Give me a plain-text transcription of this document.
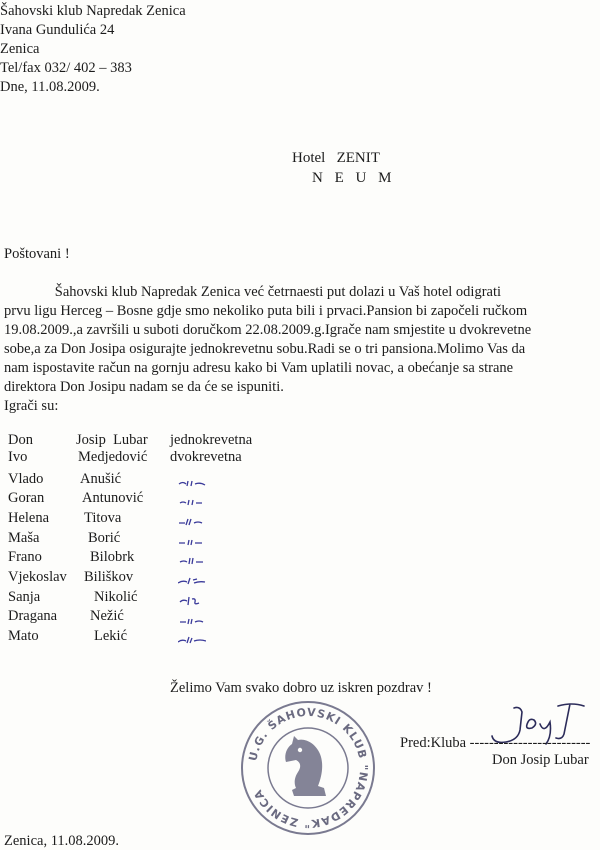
Šahovski klub Napredak Zenica
Ivana Gundulića 24
Zenica
Tel/fax 032/ 402 – 383
Dne, 11.08.2009.
Hotel   ZENIT
N E U M
Poštovani !

Šahovski klub Napredak Zenica već četrnaesti put dolazi u Vaš hotel odigrati

prvu ligu Herceg – Bosne gdje smo nekoliko puta bili i prvaci.Pansion bi započeli ručkom

19.08.2009.,a završili u suboti doručkom 22.08.2009.g.Igrače nam smjestite u dvokrevetne

sobe,a za Don Josipa osigurajte jednokrevetnu sobu.Radi se o tri pansiona.Molimo Vas da

nam ispostavite račun na gornju adresu kako bi Vam uplatili novac, a obećanje sa strane

direktora Don Josipu nadam se da će se ispuniti.

Igrači su:

Don	Josip  Lubar jednokrevetna
Ivo	Medjedović dvokrevetna
Vlado	Anušić
Goran	Antunović
Helena Titova
Maša	Borić
Frano	Bilobrk
Vjekoslav Biliškov
Sanja	Nikolić
Dragana Nežić
Mato	Lekić
Želimo Vam svako dobro uz iskren pozdrav !
U.G. ŠAHOVSKI KLUB "NAPREDAK" ZENICA
Pred:Kluba -------------------------
Don Josip Lubar
Zenica, 11.08.2009.
